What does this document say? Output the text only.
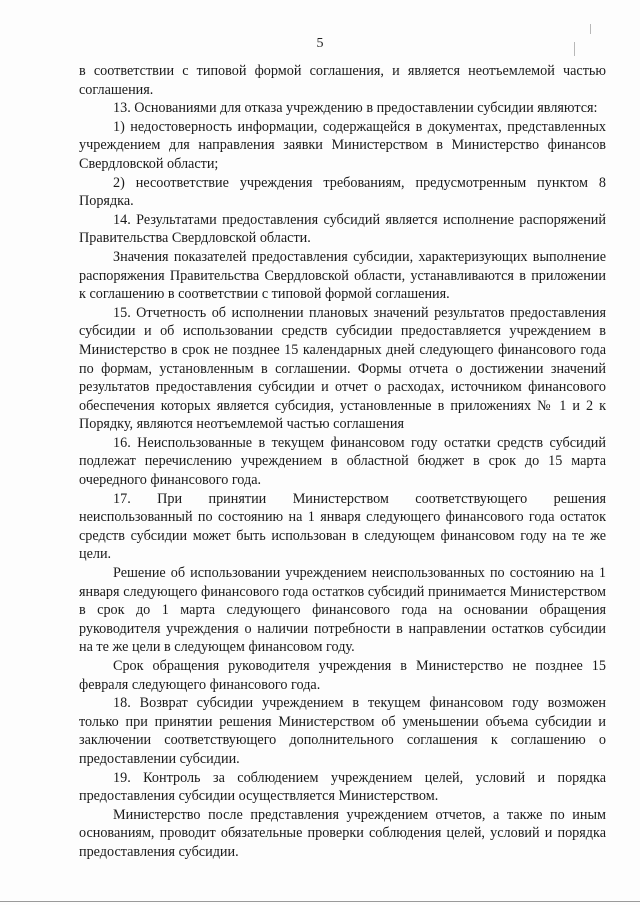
5

в соответствии с типовой формой соглашения, и является неотъемлемой частью соглашения.

13. Основаниями для отказа учреждению в предоставлении субсидии являются:

1) недостоверность информации, содержащейся в документах, представленных учреждением для направления заявки Министерством в Министерство финансов Свердловской области;

2) несоответствие учреждения требованиям, предусмотренным пунктом 8 Порядка.

14. Результатами предоставления субсидий является исполнение распоряжений Правительства Свердловской области.

Значения показателей предоставления субсидии, характеризующих выполнение распоряжения Правительства Свердловской области, устанавливаются в приложении к соглашению в соответствии с типовой формой соглашения.

15. Отчетность об исполнении плановых значений результатов предоставления субсидии и об использовании средств субсидии предоставляется учреждением в Министерство в срок не позднее 15 календарных дней следующего финансового года по формам, установленным в соглашении. Формы отчета о достижении значений результатов предоставления субсидии и отчет о расходах, источником финансового обеспечения которых является субсидия, установленные в приложениях № 1 и 2 к Порядку, являются неотъемлемой частью соглашения

16. Неиспользованные в текущем финансовом году остатки средств субсидий подлежат перечислению учреждением в областной бюджет в срок до 15 марта очередного финансового года.

17. При принятии Министерством соответствующего решения неиспользованный по состоянию на 1 января следующего финансового года остаток средств субсидии может быть использован в следующем финансовом году на те же цели.

Решение об использовании учреждением неиспользованных по состоянию на 1 января следующего финансового года остатков субсидий принимается Министерством в срок до 1 марта следующего финансового года на основании обращения руководителя учреждения о наличии потребности в направлении остатков субсидии на те же цели в следующем финансовом году.

Срок обращения руководителя учреждения в Министерство не позднее 15 февраля следующего финансового года.

18. Возврат субсидии учреждением в текущем финансовом году возможен только при принятии решения Министерством об уменьшении объема субсидии и заключении соответствующего дополнительного соглашения к соглашению о предоставлении субсидии.

19. Контроль за соблюдением учреждением целей, условий и порядка предоставления субсидии осуществляется Министерством.

Министерство после представления учреждением отчетов, а также по иным основаниям, проводит обязательные проверки соблюдения целей, условий и порядка предоставления субсидии.
